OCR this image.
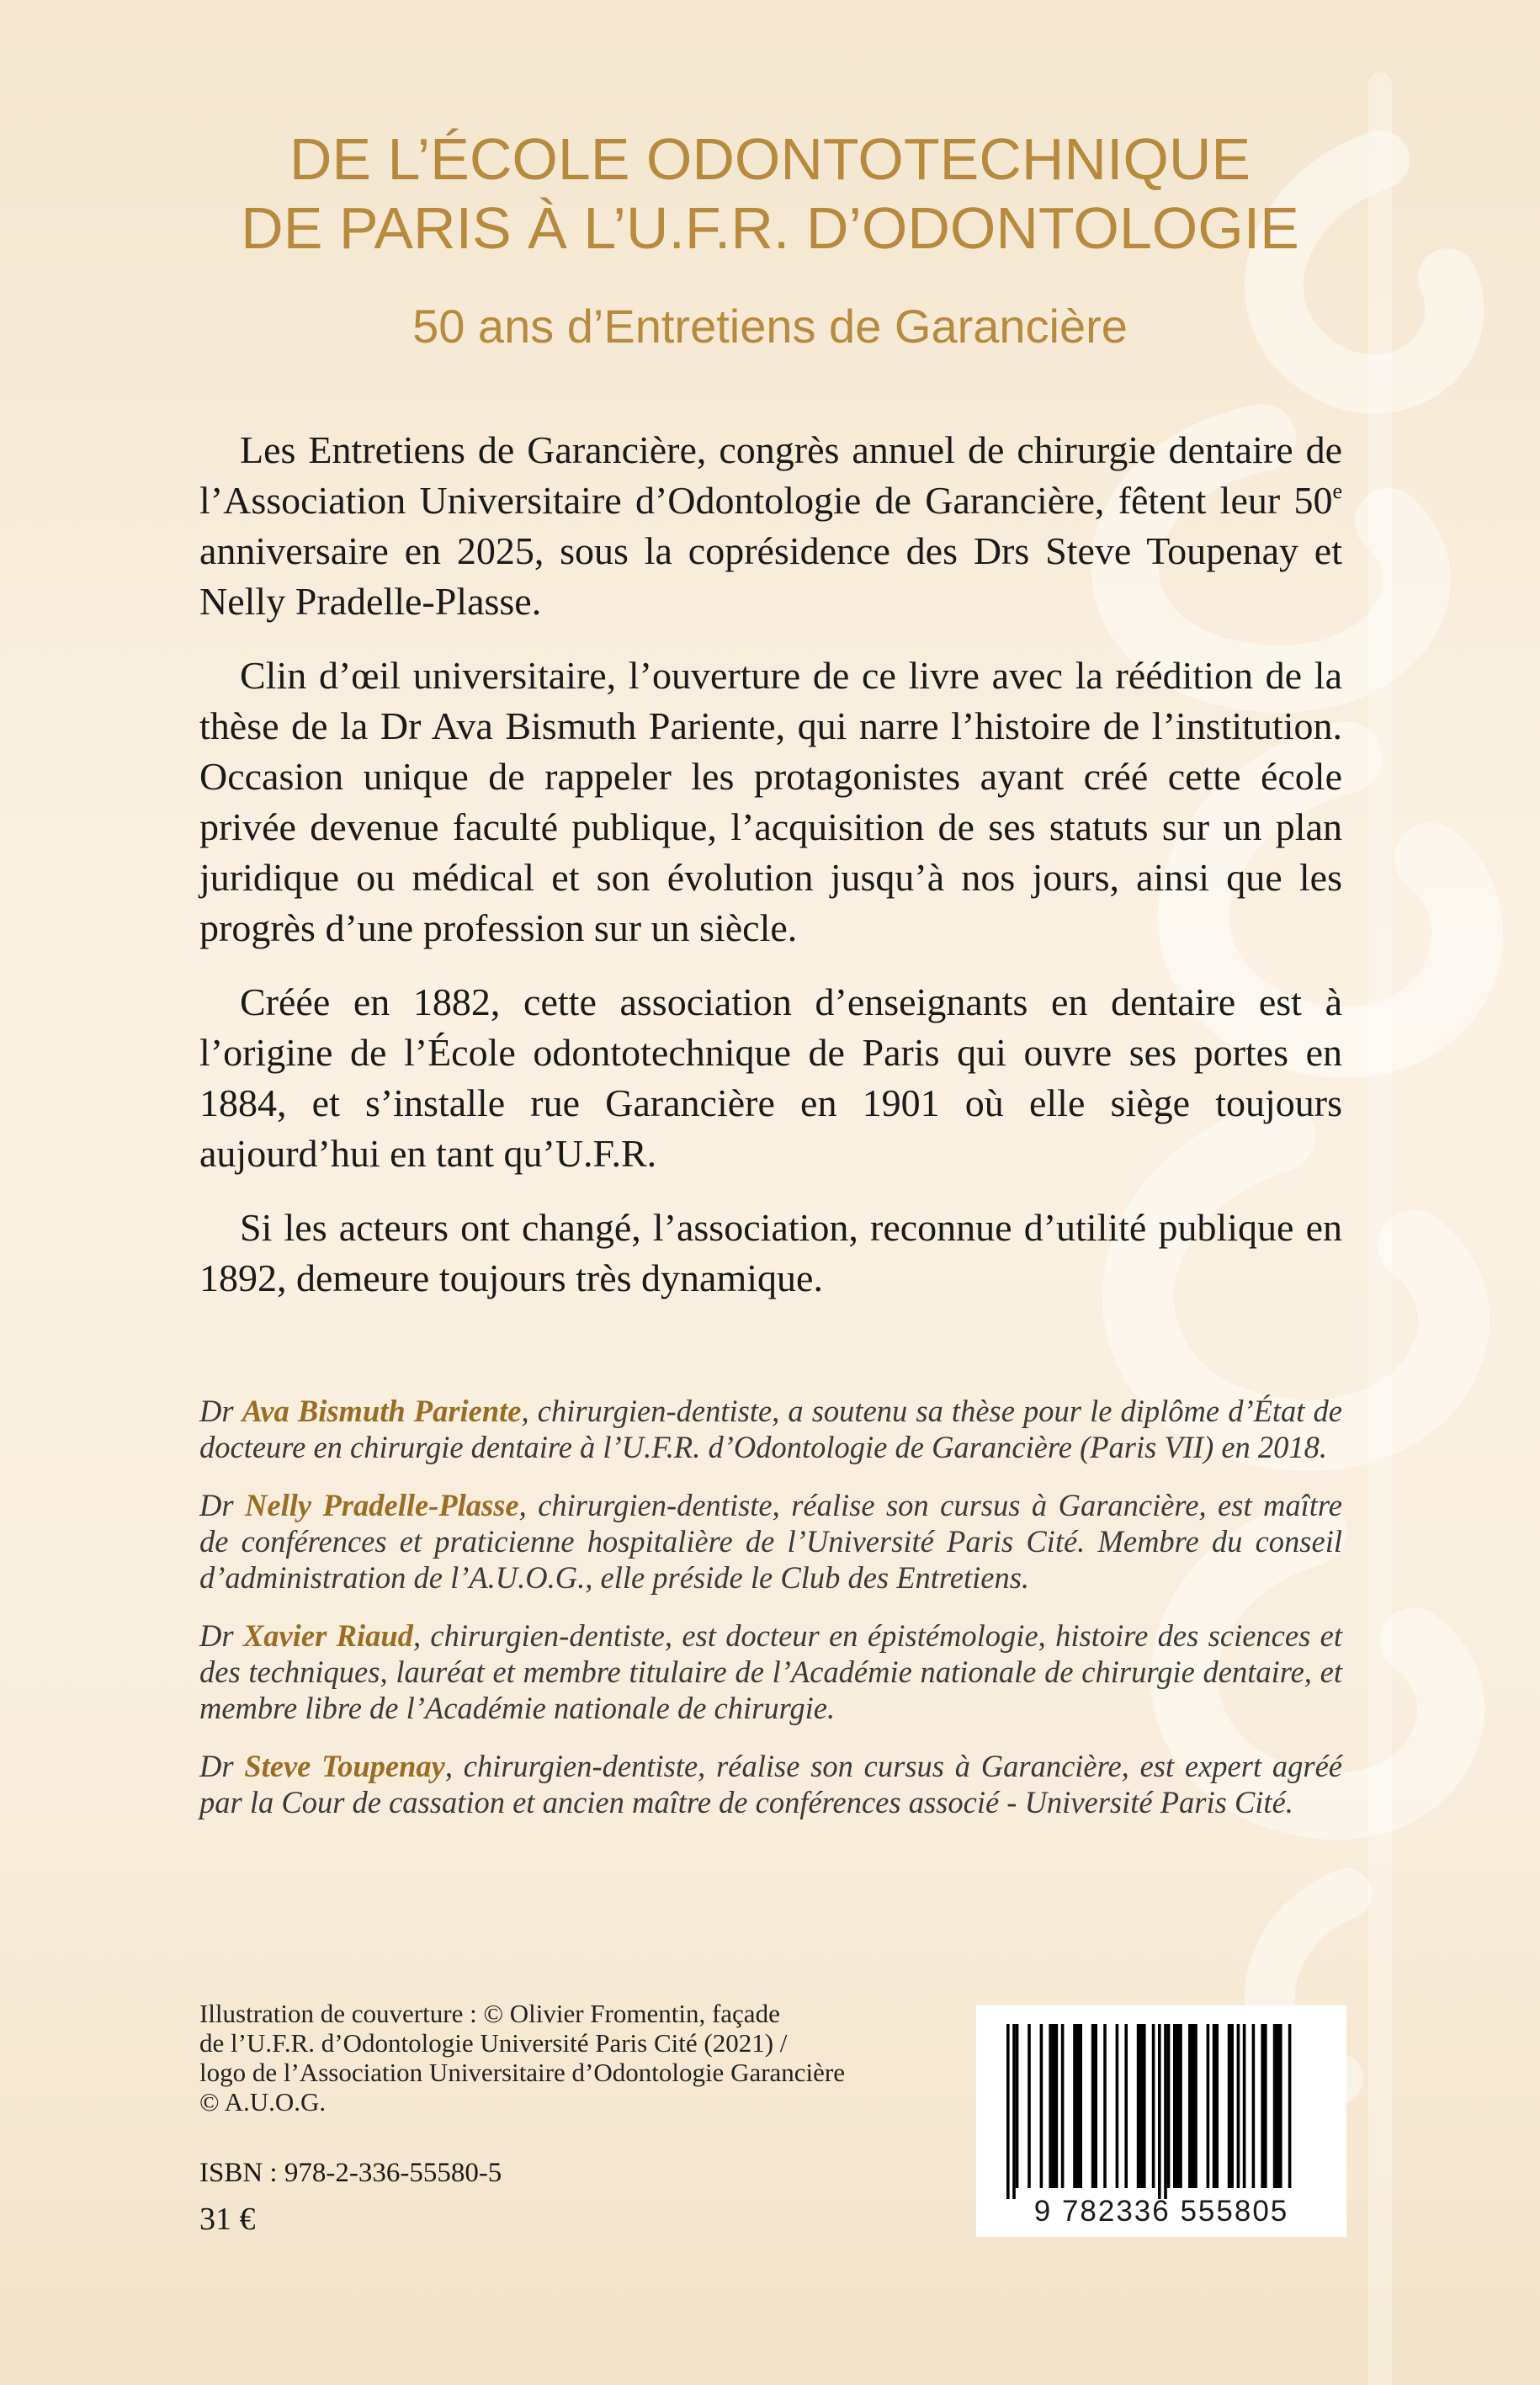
DE L’ÉCOLE ODONTOTECHNIQUE
DE PARIS À L’U.F.R. D’ODONTOLOGIE
50 ans d’Entretiens de Garancière

Les Entretiens de Garancière, congrès annuel de chirurgie dentaire de l’Association Universitaire d’Odontologie de Garancière, fêtent leur 50e anniversaire en 2025, sous la coprésidence des Drs Steve Toupenay et Nelly Pradelle-Plasse.

Clin d’œil universitaire, l’ouverture de ce livre avec la réédition de la thèse de la Dr Ava Bismuth Pariente, qui narre l’histoire de l’institution. Occasion unique de rappeler les protagonistes ayant créé cette école privée devenue faculté publique, l’acquisition de ses statuts sur un plan juridique ou médical et son évolution jusqu’à nos jours, ainsi que les progrès d’une profession sur un siècle.

Créée en 1882, cette association d’enseignants en dentaire est à l’origine de l’École odontotechnique de Paris qui ouvre ses portes en 1884, et s’installe rue Garancière en 1901 où elle siège toujours aujourd’hui en tant qu’U.F.R.

Si les acteurs ont changé, l’association, reconnue d’utilité publique en 1892, demeure toujours très dynamique.

Dr Ava Bismuth Pariente, chirurgien-dentiste, a soutenu sa thèse pour le diplôme d’État de docteure en chirurgie dentaire à l’U.F.R. d’Odontologie de Garancière (Paris VII) en 2018.

Dr Nelly Pradelle-Plasse, chirurgien-dentiste, réalise son cursus à Garancière, est maître de conférences et praticienne hospitalière de l’Université Paris Cité. Membre du conseil d’administration de l’A.U.O.G., elle préside le Club des Entretiens.

Dr Xavier Riaud, chirurgien-dentiste, est docteur en épistémologie, histoire des sciences et des techniques, lauréat et membre titulaire de l’Académie nationale de chirurgie dentaire, et membre libre de l’Académie nationale de chirurgie.

Dr Steve Toupenay, chirurgien-dentiste, réalise son cursus à Garancière, est expert agréé par la Cour de cassation et ancien maître de conférences associé - Université Paris Cité.

Illustration de couverture : © Olivier Fromentin, façade
de l’U.F.R. d’Odontologie Université Paris Cité (2021) /
logo de l’Association Universitaire d’Odontologie Garancière
© A.U.O.G.
ISBN : 978-2-336-55580-5
31 €	9 782336 555805
